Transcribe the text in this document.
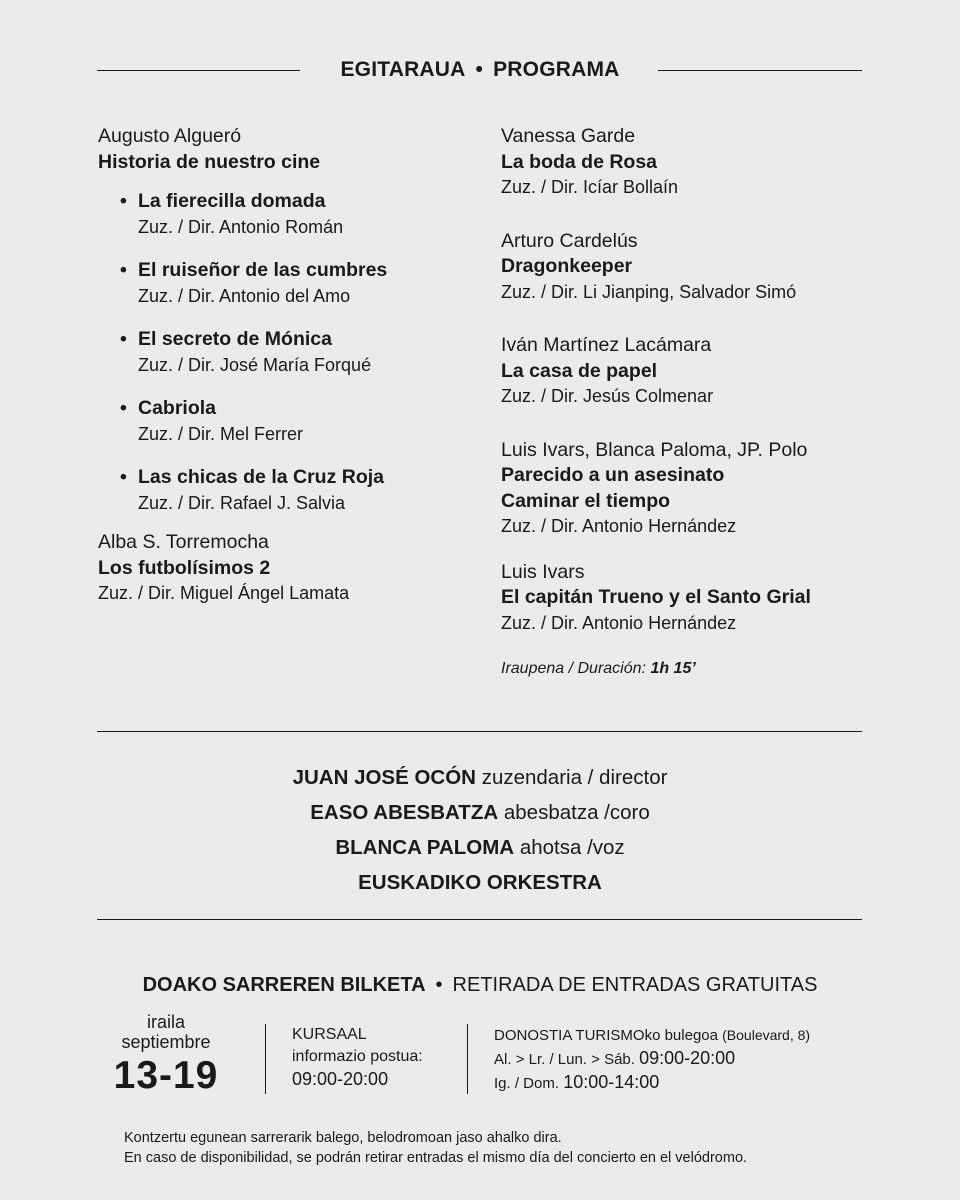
EGITARAUA • PROGRAMA
Augusto Algueró
Historia de nuestro cine
• La fierecilla domada
Zuz. / Dir. Antonio Román
• El ruiseñor de las cumbres
Zuz. / Dir. Antonio del Amo
• El secreto de Mónica
Zuz. / Dir. José María Forqué
• Cabriola
Zuz. / Dir. Mel Ferrer
• Las chicas de la Cruz Roja
Zuz. / Dir. Rafael J. Salvia
Alba S. Torremocha
Los futbolísimos 2
Zuz. / Dir. Miguel Ángel Lamata
Vanessa Garde
La boda de Rosa
Zuz. / Dir. Icíar Bollaín
Arturo Cardelús
Dragonkeeper
Zuz. / Dir. Li Jianping, Salvador Simó
Iván Martínez Lacámara
La casa de papel
Zuz. / Dir. Jesús Colmenar
Luis Ivars, Blanca Paloma, JP. Polo
Parecido a un asesinato
Caminar el tiempo
Zuz. / Dir. Antonio Hernández
Luis Ivars
El capitán Trueno y el Santo Grial
Zuz. / Dir. Antonio Hernández
Iraupena / Duración: 1h 15’
JUAN JOSÉ OCÓN zuzendaria / director
EASO ABESBATZA abesbatza /coro
BLANCA PALOMA ahotsa /voz
EUSKADIKO ORKESTRA
DOAKO SARREREN BILKETA • RETIRADA DE ENTRADAS GRATUITAS
iraila
septiembre
13-19
KURSAAL
informazio postua:
09:00-20:00
DONOSTIA TURISMOko bulegoa (Boulevard, 8)
Al. > Lr. / Lun. > Sáb. 09:00-20:00
Ig. / Dom. 10:00-14:00
Kontzertu egunean sarrerarik balego, belodromoan jaso ahalko dira.
En caso de disponibilidad, se podrán retirar entradas el mismo día del concierto en el velódromo.
